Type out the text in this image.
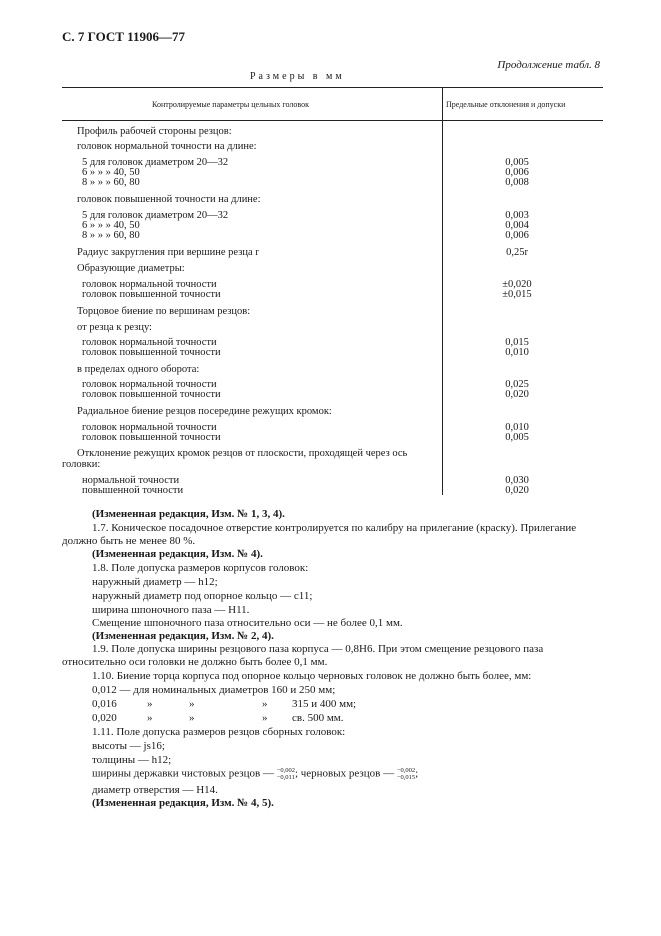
С. 7 ГОСТ 11906—77
Продолжение табл. 8
Размеры в мм
Контролируемые параметры цельных головок	Предельные отклонения и допуски
Профиль рабочей стороны резцов:
головок нормальной точности на длине:
5 для головок диаметром 20—32	0,005
6 » » » 40, 50	0,006
8 » » » 60, 80	0,008
головок повышенной точности на длине:
5 для головок диаметром 20—32	0,003
6 » » » 40, 50	0,004
8 » » » 60, 80	0,006
Радиус закругления при вершине резца r	0,25r
Образующие диаметры:
головок нормальной точности	±0,020
головок повышенной точности	±0,015
Торцовое биение по вершинам резцов:
от резца к резцу:
головок нормальной точности	0,015
головок повышенной точности	0,010
в пределах одного оборота:
головок нормальной точности	0,025
головок повышенной точности	0,020
Радиальное биение резцов посередине режущих кромок:
головок нормальной точности	0,010
головок повышенной точности	0,005
Отклонение режущих кромок резцов от плоскости, проходящей через ось
головки:
нормальной точности	0,030
повышенной точности	0,020
(Измененная редакция, Изм. № 1, 3, 4).
1.7. Коническое посадочное отверстие контролируется по калибру на прилегание (краску). Прилегание должно быть не менее 80 %.
(Измененная редакция, Изм. № 4).
1.8. Поле допуска размеров корпусов головок:
наружный диаметр — h12;
наружный диаметр под опорное кольцо — c11;
ширина шпоночного паза — H11.
Смещение шпоночного паза относительно оси — не более 0,1 мм.
(Измененная редакция, Изм. № 2, 4).
1.9. Поле допуска ширины резцового паза корпуса — 0,8H6. При этом смещение резцового паза относительно оси головки не должно быть более 0,1 мм.
1.10. Биение торца корпуса под опорное кольцо черновых головок не должно быть более, мм:
0,012 — для номинальных диаметров 160 и 250 мм;
0,016	»	»	» 315 и 400 мм;
0,020	»	»	» св. 500 мм.
1.11. Поле допуска размеров резцов сборных головок:
высоты — js16;
толщины — h12;
ширины державки чистовых резцов — −0,002
−0,011; черновых резцов — −0,002
−0,015;
диаметр отверстия — H14.
(Измененная редакция, Изм. № 4, 5).
